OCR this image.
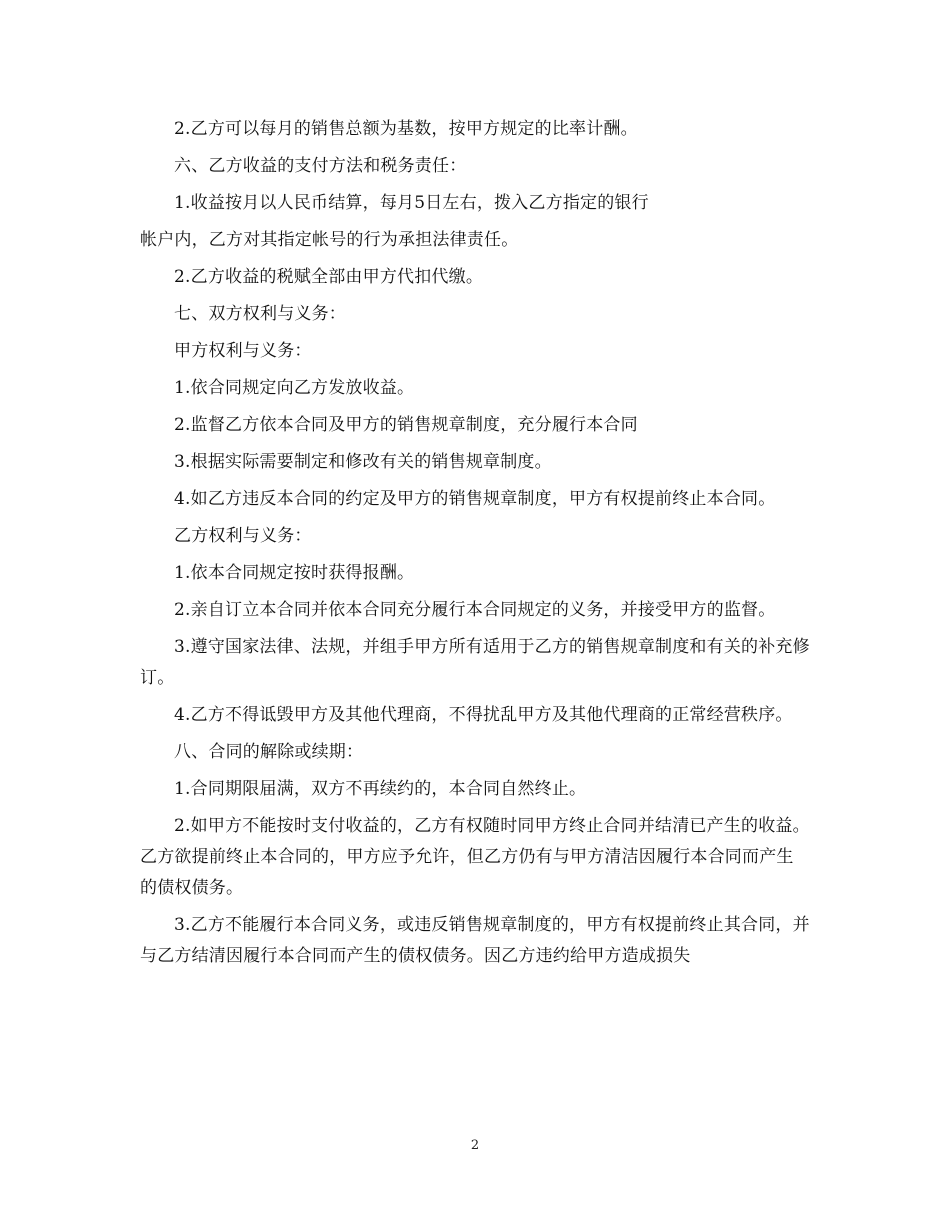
2.乙方可以每月的销售总额为基数，按甲方规定的比率计酬。

六、乙方收益的支付方法和税务责任：

1.收益按月以人民币结算，每月5日左右，拨入乙方指定的银行

帐户内，乙方对其指定帐号的行为承担法律责任。

2.乙方收益的税赋全部由甲方代扣代缴。

七、双方权利与义务：

甲方权利与义务：

1.依合同规定向乙方发放收益。

2.监督乙方依本合同及甲方的销售规章制度，充分履行本合同

3.根据实际需要制定和修改有关的销售规章制度。

4.如乙方违反本合同的约定及甲方的销售规章制度，甲方有权提前终止本合同。

乙方权利与义务：

1.依本合同规定按时获得报酬。

2.亲自订立本合同并依本合同充分履行本合同规定的义务，并接受甲方的监督。

3.遵守国家法律、法规，并组手甲方所有适用于乙方的销售规章制度和有关的补充修订。

4.乙方不得诋毁甲方及其他代理商，不得扰乱甲方及其他代理商的正常经营秩序。

八、合同的解除或续期：

1.合同期限届满，双方不再续约的，本合同自然终止。

2.如甲方不能按时支付收益的，乙方有权随时同甲方终止合同并结清已产生的收益。乙方欲提前终止本合同的，甲方应予允许，但乙方仍有与甲方清洁因履行本合同而产生的债权债务。

3.乙方不能履行本合同义务，或违反销售规章制度的，甲方有权提前终止其合同，并与乙方结清因履行本合同而产生的债权债务。因乙方违约给甲方造成损失

2
